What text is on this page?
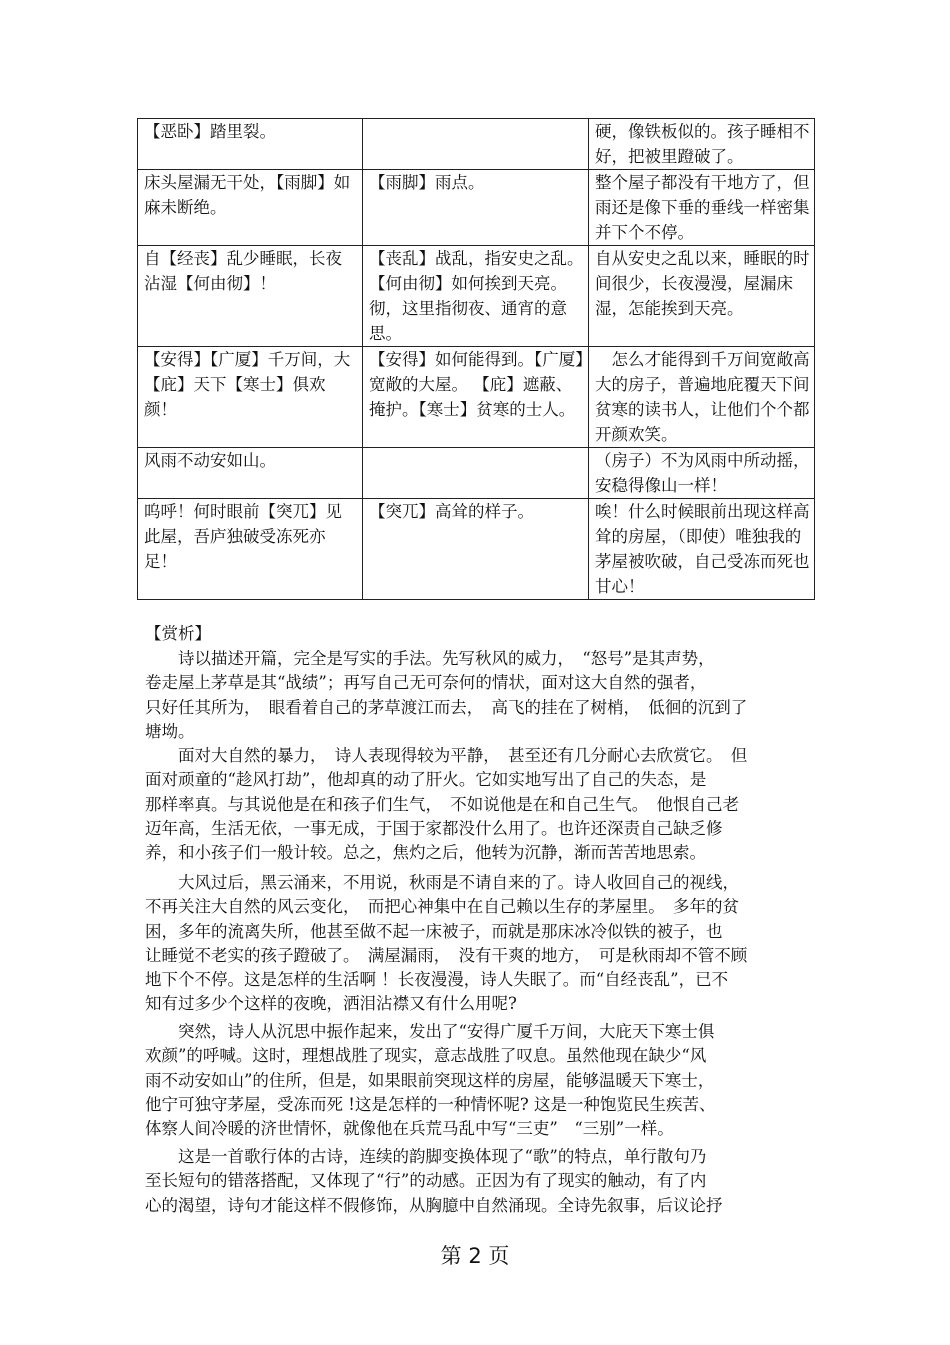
【恶卧】踏里裂。		硬，像铁板似的。孩子睡相不好，把被里蹬破了。
床头屋漏无干处，【雨脚】如麻未断绝。	【雨脚】雨点。	整个屋子都没有干地方了，但雨还是像下垂的垂线一样密集并下个不停。
自【经丧】乱少睡眠，长夜沾湿【何由彻】！	【丧乱】战乱，指安史之乱。【何由彻】如何挨到天亮。彻，这里指彻夜、通宵的意思。	自从安史之乱以来，睡眠的时间很少，长夜漫漫，屋漏床湿，怎能挨到天亮。
【安得】【广厦】千万间，大【庇】天下【寒士】俱欢颜！	【安得】如何能得到。【广厦】宽敞的大屋。 【庇】遮蔽、掩护。【寒士】贫寒的士人。	　怎么才能得到千万间宽敞高大的房子，普遍地庇覆天下间贫寒的读书人，让他们个个都开颜欢笑。
风雨不动安如山。		（房子）不为风雨中所动摇，安稳得像山一样！
呜呼！何时眼前【突兀】见此屋，吾庐独破受冻死亦足！	【突兀】高耸的样子。	唉！什么时候眼前出现这样高耸的房屋，（即使）唯独我的茅屋被吹破，自己受冻而死也甘心！
【赏析】
　　诗以描述开篇，完全是写实的手法。先写秋风的威力，　“怒号”是其声势，
卷走屋上茅草是其“战绩”；再写自己无可奈何的情状，面对这大自然的强者，
只好任其所为，　眼看着自己的茅草渡江而去，　高飞的挂在了树梢，　低徊的沉到了
塘坳。
　　面对大自然的暴力，　诗人表现得较为平静，　甚至还有几分耐心去欣赏它。　但
面对顽童的“趁风打劫”，他却真的动了肝火。它如实地写出了自己的失态，是
那样率真。与其说他是在和孩子们生气，　不如说他是在和自己生气。　他恨自己老
迈年高，生活无依，一事无成，于国于家都没什么用了。也许还深责自己缺乏修
养，和小孩子们一般计较。总之，焦灼之后，他转为沉静，渐而苦苦地思索。
　　大风过后，黑云涌来，不用说，秋雨是不请自来的了。诗人收回自己的视线，
不再关注大自然的风云变化，　而把心神集中在自己赖以生存的茅屋里。　多年的贫
困，多年的流离失所，他甚至做不起一床被子，而就是那床冰冷似铁的被子，也
让睡觉不老实的孩子蹬破了。　满屋漏雨，　没有干爽的地方，　可是秋雨却不管不顾
地下个不停。这是怎样的生活啊 ！长夜漫漫，诗人失眠了。而“自经丧乱”，已不
知有过多少个这样的夜晚，洒泪沾襟又有什么用呢?
　　突然，诗人从沉思中振作起来，发出了“安得广厦千万间，大庇天下寒士俱
欢颜”的呼喊。这时，理想战胜了现实，意志战胜了叹息。虽然他现在缺少“风
雨不动安如山”的住所，但是，如果眼前突现这样的房屋，能够温暖天下寒士，
他宁可独守茅屋，受冻而死 !这是怎样的一种情怀呢? 这是一种饱览民生疾苦、
体察人间冷暖的济世情怀，就像他在兵荒马乱中写“三吏”　“三别”一样。
　　这是一首歌行体的古诗，连续的韵脚变换体现了“歌”的特点，单行散句乃
至长短句的错落搭配，又体现了“行”的动感。正因为有了现实的触动，有了内
心的渴望，诗句才能这样不假修饰，从胸臆中自然涌现。全诗先叙事，后议论抒
第 2 页
